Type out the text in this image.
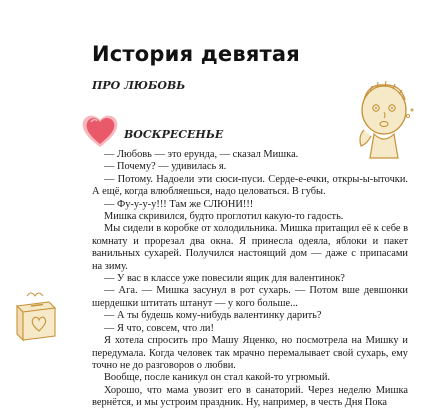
История девятая
ПРО ЛЮБОВЬ
ВОСКРЕСЕНЬЕ

— Любовь — это ерунда, — сказал Мишка.

— Почему? — удивилась я.

— Потому. Надоели эти сюси-пуси. Серде-е-ечки, откры-ы-ыточки. А ещё, когда влюбляешься, надо целоваться. В губы.

— Фу-у-у-у!!! Там же СЛЮНИ!!!

Мишка скривился, будто проглотил какую-то гадость.

Мы сидели в коробке от холодильника. Мишка притащил её к себе в комнату и прорезал два окна. Я принесла одеяла, яблоки и пакет ванильных сухарей. Получился настоящий дом — даже с припасами на зиму.

— У вас в классе уже повесили ящик для валентинок?

— Ага. — Мишка засунул в рот сухарь. — Потом вше девшонки шердешки штитать штанут — у кого больше...

— А ты будешь кому-нибудь валентинку дарить?

— Я что, совсем, что ли!

Я хотела спросить про Машу Яценко, но посмотрела на Мишку и передумала. Когда человек так мрачно перемалывает свой сухарь, ему точно не до разговоров о любви.

Вообще, после каникул он стал какой-то угрюмый.

Хорошо, что мама увозит его в санаторий. Через неделю Мишка вернётся, и мы устроим праздник. Ну, например, в честь Дня Пока
